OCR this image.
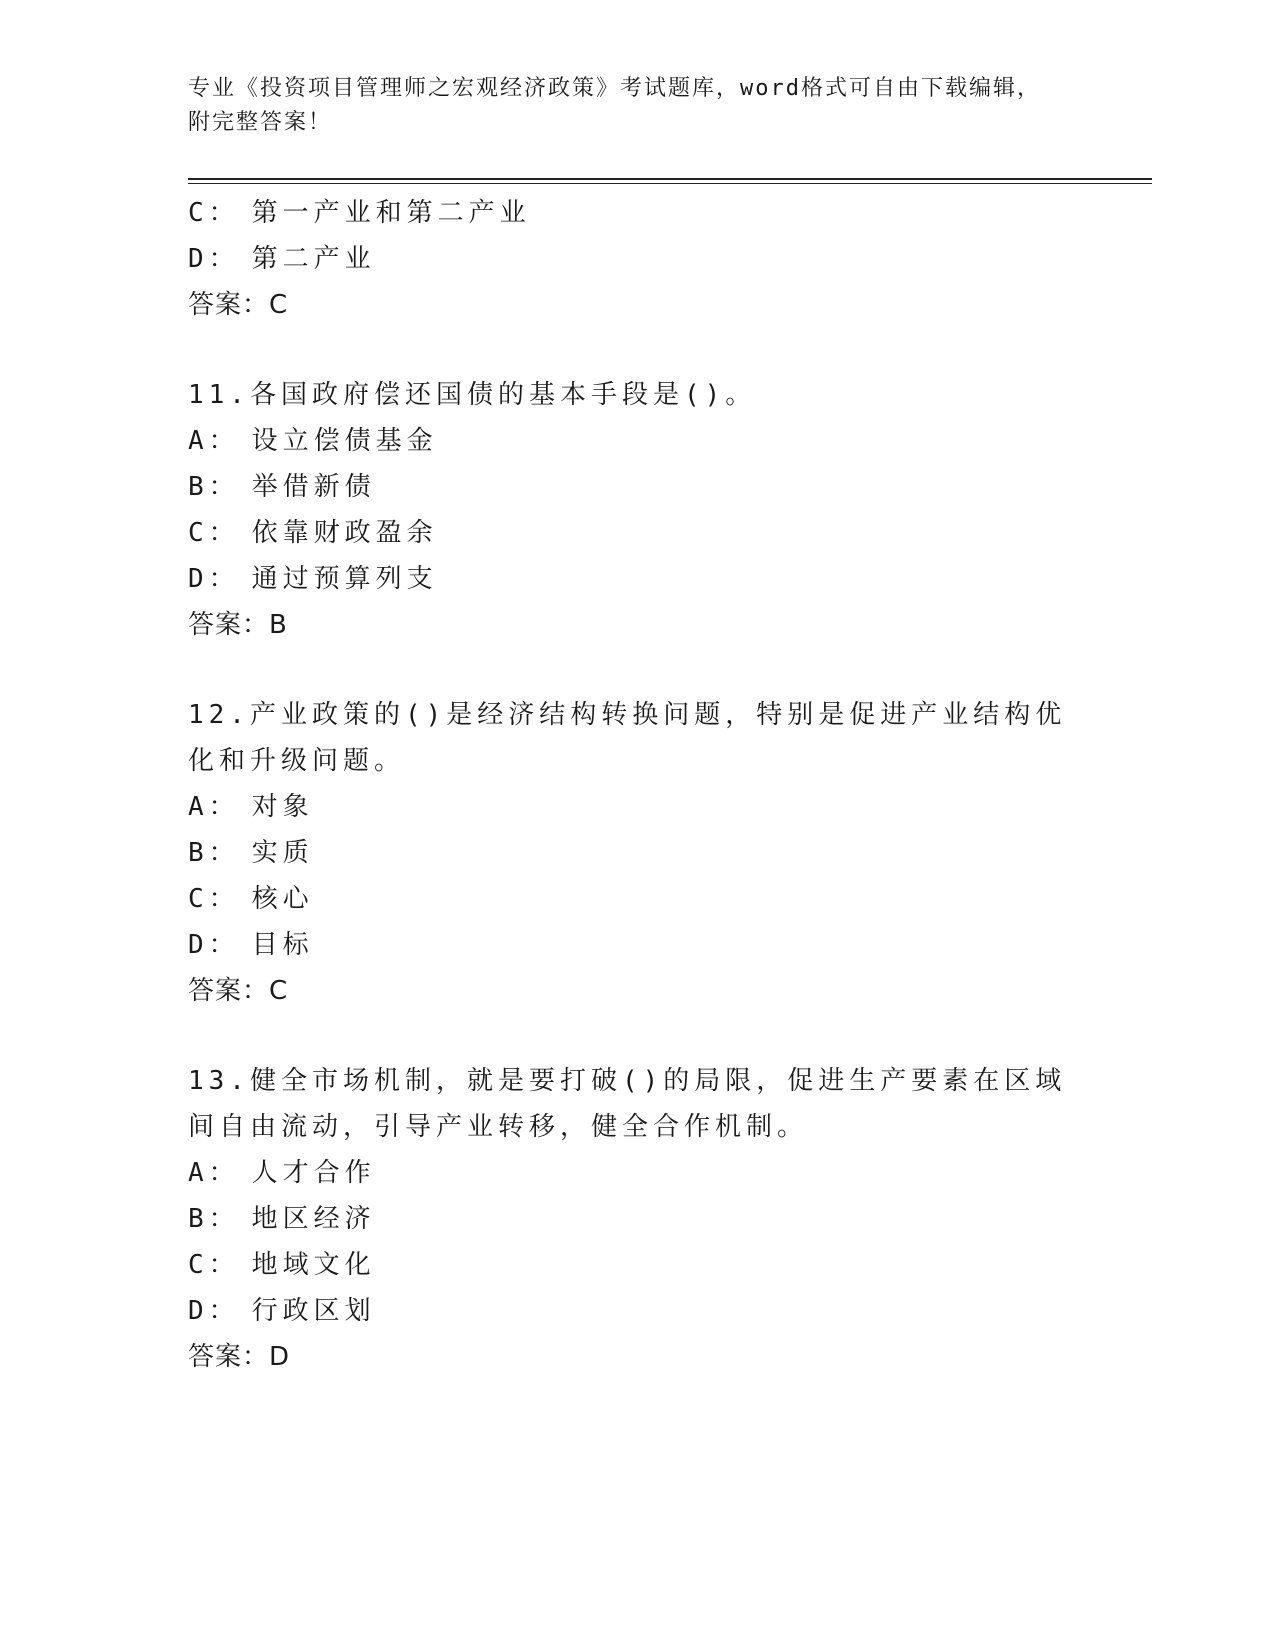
专业《投资项目管理师之宏观经济政策》考试题库，word格式可自由下载编辑，
附完整答案！
C： 第一产业和第二产业
D： 第二产业
答案：C
11.各国政府偿还国债的基本手段是()。
A： 设立偿债基金
B： 举借新债
C： 依靠财政盈余
D： 通过预算列支
答案：B
12.产业政策的()是经济结构转换问题，特别是促进产业结构优化和升级问题。
A： 对象
B： 实质
C： 核心
D： 目标
答案：C
13.健全市场机制，就是要打破()的局限，促进生产要素在区域间自由流动，引导产业转移，健全合作机制。
A： 人才合作
B： 地区经济
C： 地域文化
D： 行政区划
答案：D
